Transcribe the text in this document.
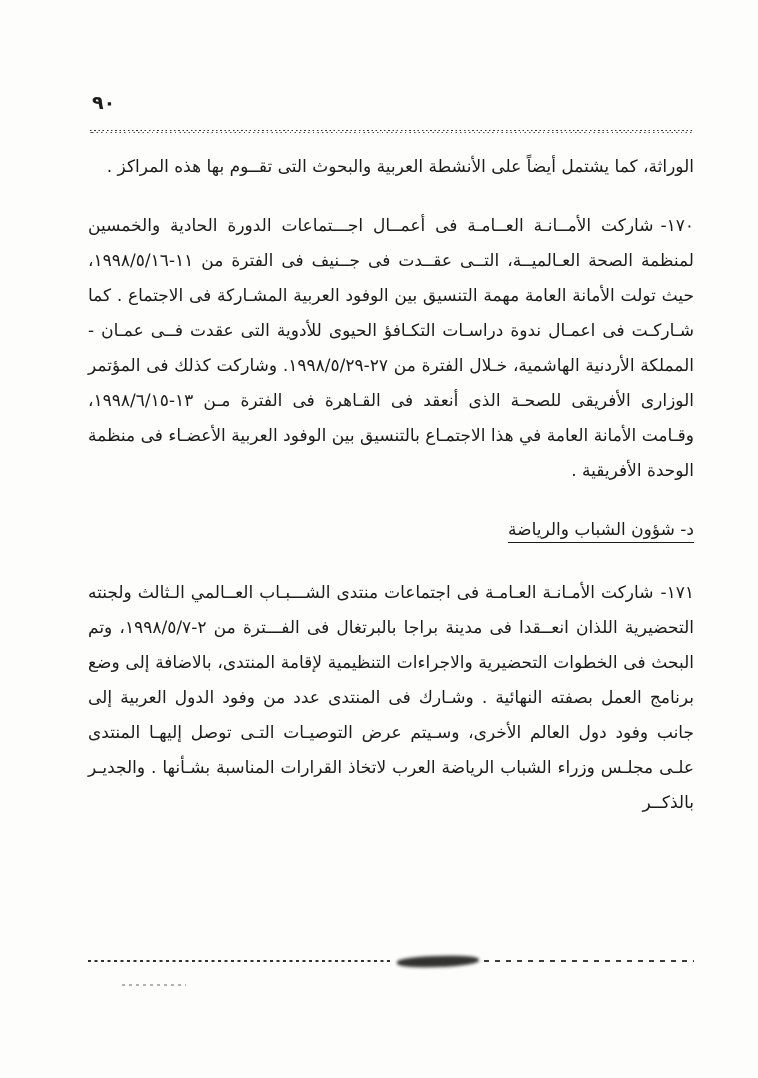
٩٠

الوراثة، كما يشتمل أيضاً على الأنشطة العربية والبحوث التى تقــوم بها هذه المراكز .

١٧٠-شاركت الأمــانـة العــامـة فى أعمــال اجـــتماعات الدورة الحادية والخمسين لمنظمة الصحة العـالميــة، التــى عقــدت فى جــنيف فى الفترة من ١١-١٩٩٨/٥/١٦، حيث تولت الأمانة العامة مهمة التنسيق بين الوفود العربية المشـاركة فى الاجتماع . كما شـاركـت فى اعمـال ندوة دراسـات التكـافؤ الحيوى للأدوية التى عقدت فــى عمـان - المملكة الأردنية الهاشمية، خـلال الفترة من ٢٧-١٩٩٨/٥/٢٩. وشاركت كذلك فى المؤتمر الوزارى الأفريقى للصحـة الذى أنعقد فى القـاهرة فى الفترة مـن ١٣-١٩٩٨/٦/١٥، وقـامت الأمانة العامة في هذا الاجتمـاع بالتنسيق بين الوفود العربية الأعضـاء فى منظمة الوحدة الأفريقية .

د- شؤون الشباب والرياضة

١٧١-شاركت الأمـانـة العـامـة فى اجتماعات منتدى الشـــبـاب العــالمي الـثالث ولجنته التحضيرية اللذان انعــقدا فى مدينة براجا بالبرتغال فى الفـــترة من ٢-١٩٩٨/٥/٧، وتم البحث فى الخطوات التحضيرية والاجراءات التنظيمية لإقامة المنتدى، بالاضافة إلى وضع برنامج العمل بصفته النهائية . وشـارك فى المنتدى عدد من وفود الدول العربية إلى جانب وفود دول العالم الأخرى، وسـيتم عرض التوصيـات التـى توصل إليهـا المنتدى علـى مجلـس وزراء الشباب الرياضة العرب لاتخاذ القرارات المناسبة بشـأنها . والجديـر بالذكــر
